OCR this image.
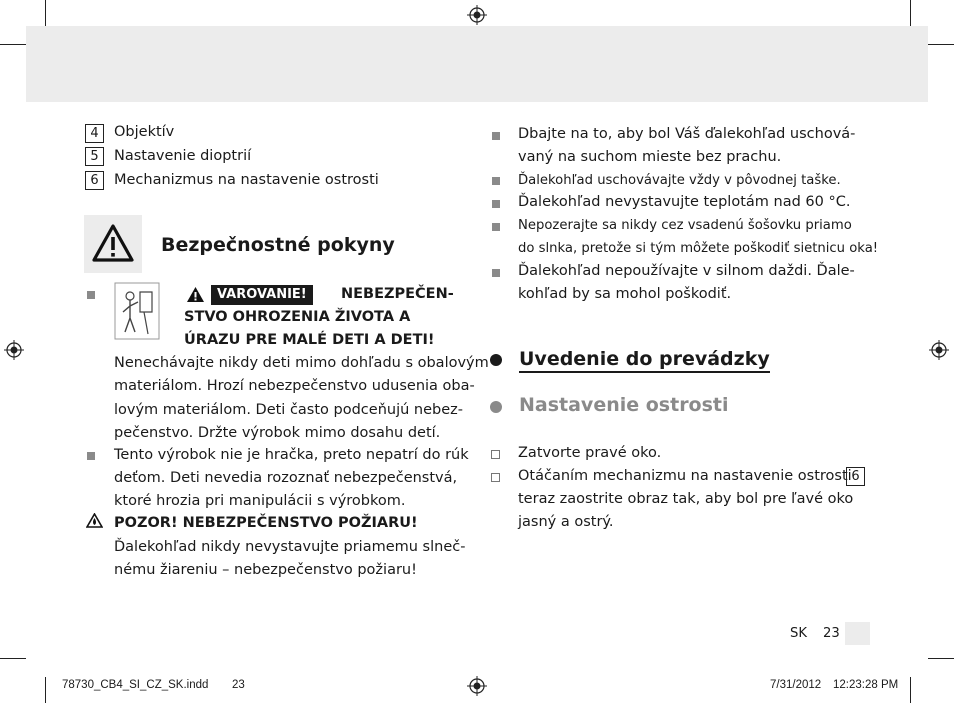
4	Objektív
5	Nastavenie dioptrií
6	Mechanizmus na nastavenie ostrosti
Bezpečnostné pokyny
VAROVANIE!	NEBEZPEČEN-
STVO OHROZENIA ŽIVOTA A
ÚRAZU PRE MALÉ DETI A DETI!
Nenechávajte nikdy deti mimo dohľadu s obalovým
materiálom. Hrozí nebezpečenstvo udusenia oba-
lovým materiálom. Deti často podceňujú nebez-
pečenstvo. Držte výrobok mimo dosahu detí.
Tento výrobok nie je hračka, preto nepatrí do rúk
deťom. Deti nevedia rozoznať nebezpečenstvá,
ktoré hrozia pri manipulácii s výrobkom.
POZOR! NEBEZPEČENSTVO POŽIARU!
Ďalekohľad nikdy nevystavujte priamemu slneč-
nému žiareniu – nebezpečenstvo požiaru!
Dbajte na to, aby bol Váš ďalekohľad uschová-
vaný na suchom mieste bez prachu.
Ďalekohľad uschovávajte vždy v pôvodnej taške.
Ďalekohľad nevystavujte teplotám nad 60 °C.
Nepozerajte sa nikdy cez vsadenú šošovku priamo
do slnka, pretože si tým môžete poškodiť sietnicu oka!
Ďalekohľad nepoužívajte v silnom daždi. Ďale-
kohľad by sa mohol poškodiť.
Uvedenie do prevádzky
Nastavenie ostrosti
Zatvorte pravé oko.
Otáčaním mechanizmu na nastavenie ostrosti 6
teraz zaostrite obraz tak, aby bol pre ľavé oko
jasný a ostrý.
SK 23
78730_CB4_SI_CZ_SK.indd 23	7/31/2012 12:23:28 PM
